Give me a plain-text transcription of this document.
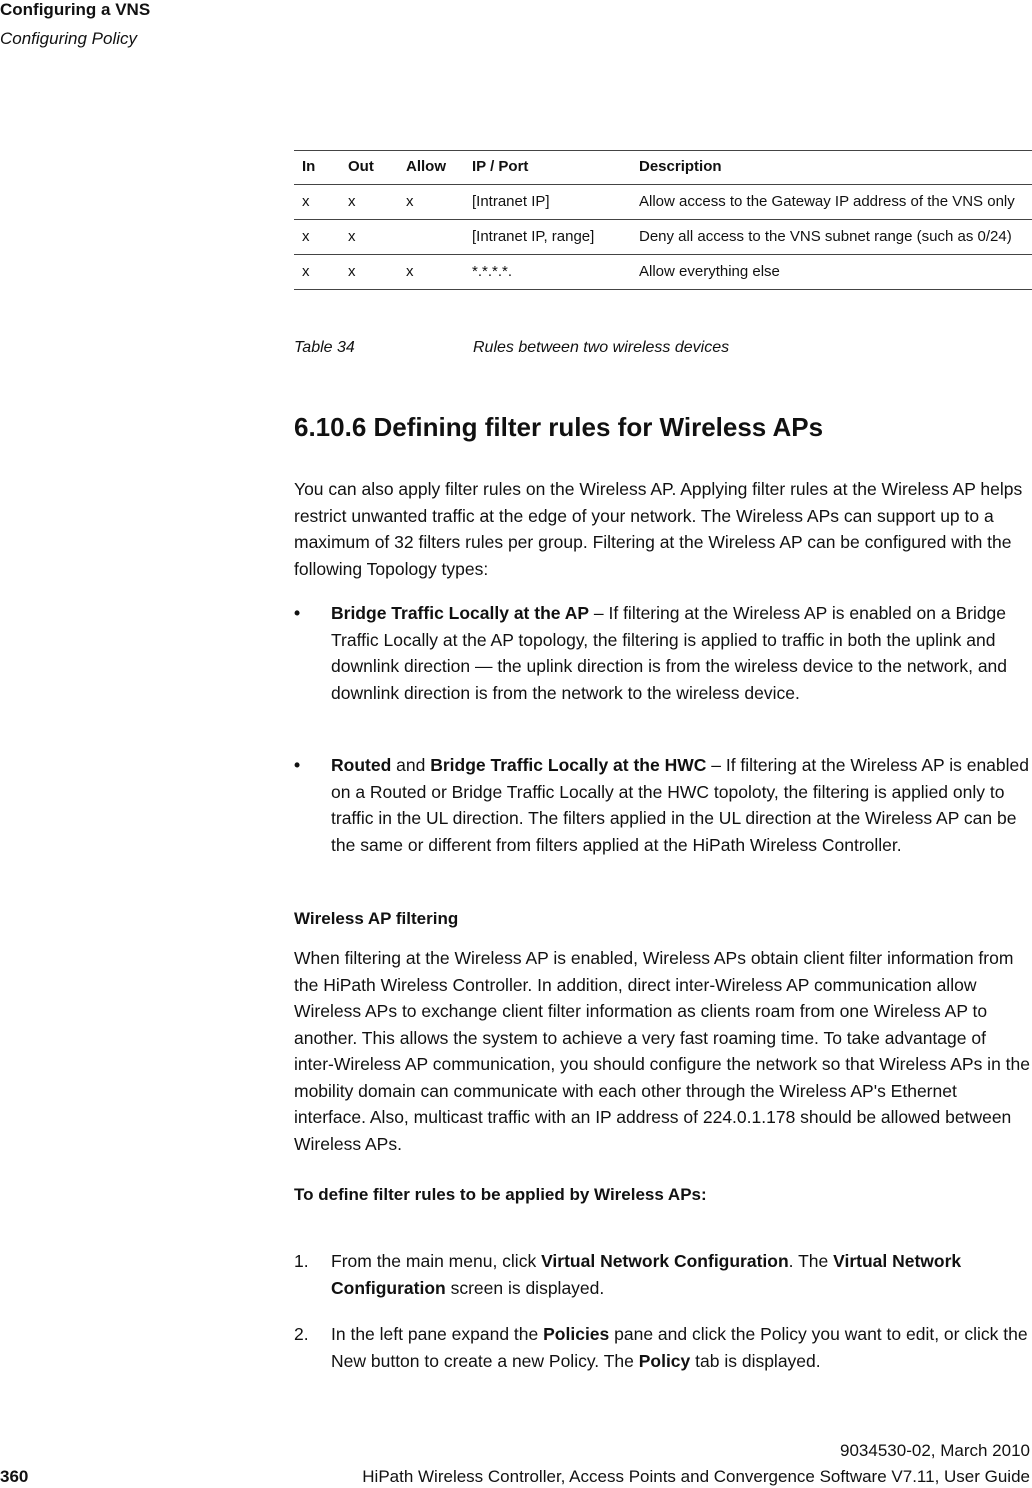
Configuring a VNS
Configuring Policy
In	Out	Allow	IP / Port	Description
x	x	x	[Intranet IP]	Allow access to the Gateway IP address of the VNS only
x	x		[Intranet IP, range]	Deny all access to the VNS subnet range (such as 0/24)
x	x	x	*.*.*.*.	Allow everything else
Table 34	Rules between two wireless devices
6.10.6 Defining filter rules for Wireless APs
You can also apply filter rules on the Wireless AP. Applying filter rules at the Wireless AP helps restrict unwanted traffic at the edge of your network. The Wireless APs can support up to a maximum of 32 filters rules per group. Filtering at the Wireless AP can be configured with the following Topology types:
• Bridge Traffic Locally at the AP – If filtering at the Wireless AP is enabled on a Bridge Traffic Locally at the AP topology, the filtering is applied to traffic in both the uplink and downlink direction — the uplink direction is from the wireless device to the network, and downlink direction is from the network to the wireless device.
• Routed and Bridge Traffic Locally at the HWC – If filtering at the Wireless AP is enabled on a Routed or Bridge Traffic Locally at the HWC topoloty, the filtering is applied only to traffic in the UL direction. The filters applied in the UL direction at the Wireless AP can be the same or different from filters applied at the HiPath Wireless Controller.
Wireless AP filtering
When filtering at the Wireless AP is enabled, Wireless APs obtain client filter information from the HiPath Wireless Controller. In addition, direct inter-Wireless AP communication allow Wireless APs to exchange client filter information as clients roam from one Wireless AP to another. This allows the system to achieve a very fast roaming time. To take advantage of inter-Wireless AP communication, you should configure the network so that Wireless APs in the mobility domain can communicate with each other through the Wireless AP's Ethernet interface. Also, multicast traffic with an IP address of 224.0.1.178 should be allowed between Wireless APs.
To define filter rules to be applied by Wireless APs:
1. From the main menu, click Virtual Network Configuration. The Virtual Network Configuration screen is displayed.
2. In the left pane expand the Policies pane and click the Policy you want to edit, or click the New button to create a new Policy. The Policy tab is displayed.
9034530-02, March 2010
360	HiPath Wireless Controller, Access Points and Convergence Software V7.11, User Guide
